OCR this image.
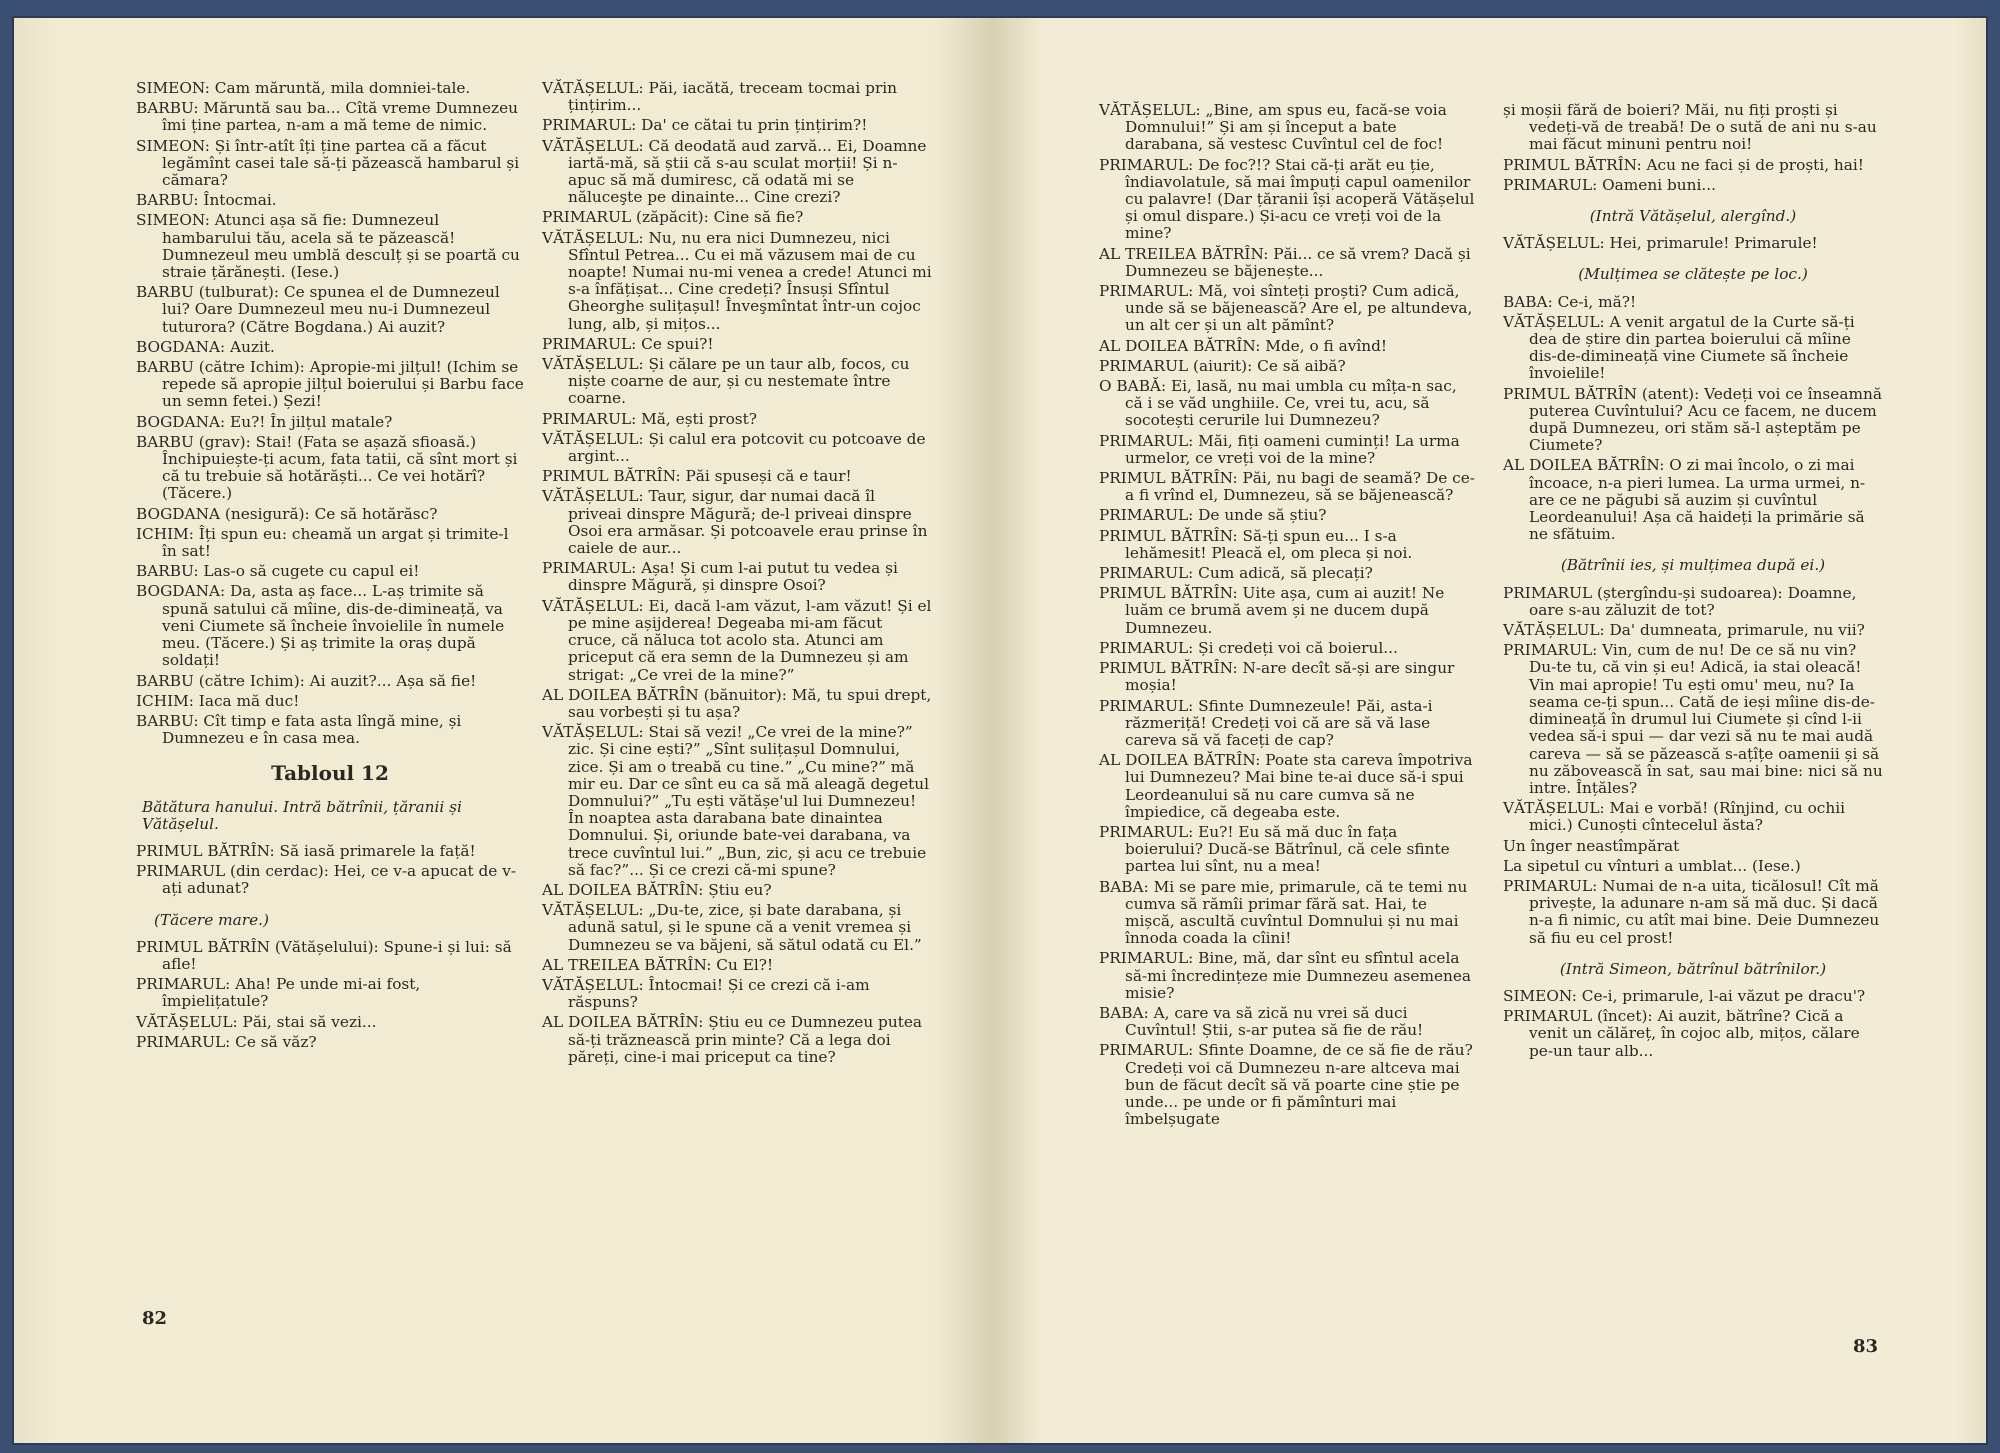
SIMEON: Cam măruntă, mila domniei-tale.

BARBU: Măruntă sau ba... Cîtă vreme Dumnezeu îmi ține partea, n-am a mă teme de nimic.

SIMEON: Și într-atît îți ține partea că a făcut legămînt casei tale să-ți păzească hambarul și cămara?

BARBU: Întocmai.

SIMEON: Atunci așa să fie: Dumnezeul hambarului tău, acela să te păzească! Dumnezeul meu umblă desculț și se poartă cu straie țărănești. (Iese.)

BARBU (tulburat): Ce spunea el de Dumnezeul lui? Oare Dumnezeul meu nu-i Dumnezeul tuturora? (Către Bogdana.) Ai auzit?

BOGDANA: Auzit.

BARBU (către Ichim): Apropie-mi jilțul! (Ichim se repede să apropie jilțul boierului și Barbu face un semn fetei.) Șezi!

BOGDANA: Eu?! În jilțul matale?

BARBU (grav): Stai! (Fata se așază sfioasă.) Închipuiește-ți acum, fata tatii, că sînt mort și că tu trebuie să hotărăști... Ce vei hotărî? (Tăcere.)

BOGDANA (nesigură): Ce să hotărăsc?

ICHIM: Îți spun eu: cheamă un argat și trimite-l în sat!

BARBU: Las-o să cugete cu capul ei!

BOGDANA: Da, asta aș face... L-aș trimite să spună satului că mîine, dis-de-dimineață, va veni Ciumete să încheie învoielile în numele meu. (Tăcere.) Și aș trimite la oraș după soldați!

BARBU (către Ichim): Ai auzit?... Așa să fie!

ICHIM: Iaca mă duc!

BARBU: Cît timp e fata asta lîngă mine, și Dumnezeu e în casa mea.

Tabloul 12

Bătătura hanului. Intră bătrînii, țăranii și Vătășelul.

PRIMUL BĂTRÎN: Să iasă primarele la față!

PRIMARUL (din cerdac): Hei, ce v-a apucat de v-ați adunat?

(Tăcere mare.)

PRIMUL BĂTRÎN (Vătășelului): Spune-i și lui: să afle!

PRIMARUL: Aha! Pe unde mi-ai fost, împielițatule?

VĂTĂȘELUL: Păi, stai să vezi...

PRIMARUL: Ce să văz?

VĂTĂȘELUL: Păi, iacătă, treceam tocmai prin țințirim...

PRIMARUL: Da' ce cătai tu prin țințirim?!

VĂTĂȘELUL: Că deodată aud zarvă... Ei, Doamne iartă-mă, să știi că s-au sculat morții! Și n-apuc să mă dumiresc, că odată mi se năluceşte pe dinainte... Cine crezi?

PRIMARUL (zăpăcit): Cine să fie?

VĂTĂȘELUL: Nu, nu era nici Dumnezeu, nici Sfîntul Petrea... Cu ei mă văzusem mai de cu noapte! Numai nu-mi venea a crede! Atunci mi s-a înfățișat... Cine credeți? Însuși Sfîntul Gheorghe sulițașul! Înveşmîntat într-un cojoc lung, alb, și mițos...

PRIMARUL: Ce spui?!

VĂTĂȘELUL: Și călare pe un taur alb, focos, cu niște coarne de aur, și cu nestemate între coarne.

PRIMARUL: Mă, ești prost?

VĂTĂȘELUL: Și calul era potcovit cu potcoave de argint...

PRIMUL BĂTRÎN: Păi spuseși că e taur!

VĂTĂȘELUL: Taur, sigur, dar numai dacă îl priveai dinspre Măgură; de-l priveai dinspre Osoi era armăsar. Și potcoavele erau prinse în caiele de aur...

PRIMARUL: Așa! Și cum l-ai putut tu vedea și dinspre Măgură, și dinspre Osoi?

VĂTĂȘELUL: Ei, dacă l-am văzut, l-am văzut! Și el pe mine așijderea! Degeaba mi-am făcut cruce, că năluca tot acolo sta. Atunci am priceput că era semn de la Dumnezeu și am strigat: „Ce vrei de la mine?”

AL DOILEA BĂTRÎN (bănuitor): Mă, tu spui drept, sau vorbești și tu așa?

VĂTĂȘELUL: Stai să vezi! „Ce vrei de la mine?” zic. Și cine ești?” „Sînt sulițașul Domnului, zice. Și am o treabă cu tine.” „Cu mine?” mă mir eu. Dar ce sînt eu ca să mă aleagă degetul Domnului?” „Tu ești vătășe'ul lui Dumnezeu! În noaptea asta darabana bate dinaintea Domnului. Și, oriunde bate-vei darabana, va trece cuvîntul lui.” „Bun, zic, și acu ce trebuie să fac?”... Și ce crezi că-mi spune?

AL DOILEA BĂTRÎN: Știu eu?

VĂTĂȘELUL: „Du-te, zice, și bate darabana, și adună satul, și le spune că a venit vremea și Dumnezeu se va băjeni, să sătul odată cu El.”

AL TREILEA BĂTRÎN: Cu El?!

VĂTĂȘELUL: Întocmai! Și ce crezi că i-am răspuns?

AL DOILEA BĂTRÎN: Știu eu ce Dumnezeu putea să-ți trăznească prin minte? Că a lega doi păreți, cine-i mai priceput ca tine?

82

VĂTĂȘELUL: „Bine, am spus eu, facă-se voia Domnului!” Și am și început a bate darabana, să vestesc Cuvîntul cel de foc!

PRIMARUL: De foc?!? Stai că-ți arăt eu ție, îndiavolatule, să mai împuți capul oamenilor cu palavre! (Dar țăranii își acoperă Vătășelul și omul dispare.) Și-acu ce vreți voi de la mine?

AL TREILEA BĂTRÎN: Păi... ce să vrem? Dacă și Dumnezeu se băjenește...

PRIMARUL: Mă, voi sînteți proști? Cum adică, unde să se băjenească? Are el, pe altundeva, un alt cer și un alt pămînt?

AL DOILEA BĂTRÎN: Mde, o fi avînd!

PRIMARUL (aiurit): Ce să aibă?

O BABĂ: Ei, lasă, nu mai umbla cu mîța-n sac, că i se văd unghiile. Ce, vrei tu, acu, să socotești cerurile lui Dumnezeu?

PRIMARUL: Măi, fiți oameni cuminți! La urma urmelor, ce vreți voi de la mine?

PRIMUL BĂTRÎN: Păi, nu bagi de seamă? De ce-a fi vrînd el, Dumnezeu, să se băjenească?

PRIMARUL: De unde să știu?

PRIMUL BĂTRÎN: Să-ți spun eu... I s-a lehămesit! Pleacă el, om pleca și noi.

PRIMARUL: Cum adică, să plecați?

PRIMUL BĂTRÎN: Uite așa, cum ai auzit! Ne luăm ce brumă avem și ne ducem după Dumnezeu.

PRIMARUL: Și credeți voi că boierul...

PRIMUL BĂTRÎN: N-are decît să-și are singur moșia!

PRIMARUL: Sfinte Dumnezeule! Păi, asta-i răzmeriță! Credeți voi că are să vă lase careva să vă faceți de cap?

AL DOILEA BĂTRÎN: Poate sta careva împotriva lui Dumnezeu? Mai bine te-ai duce să-i spui Leordeanului să nu care cumva să ne împiedice, că degeaba este.

PRIMARUL: Eu?! Eu să mă duc în fața boierului? Ducă-se Bătrînul, că cele sfinte partea lui sînt, nu a mea!

BABA: Mi se pare mie, primarule, că te temi nu cumva să rămîi primar fără sat. Hai, te mișcă, ascultă cuvîntul Domnului și nu mai înnoda coada la cîini!

PRIMARUL: Bine, mă, dar sînt eu sfîntul acela să-mi încredințeze mie Dumnezeu asemenea misie?

BABA: A, care va să zică nu vrei să duci Cuvîntul! Știi, s-ar putea să fie de rău!

PRIMARUL: Sfinte Doamne, de ce să fie de rău? Credeți voi că Dumnezeu n-are altceva mai bun de făcut decît să vă poarte cine știe pe unde... pe unde or fi pămînturi mai îmbelșugate

și moșii fără de boieri? Măi, nu fiți proști și vedeți-vă de treabă! De o sută de ani nu s-au mai făcut minuni pentru noi!

PRIMUL BĂTRÎN: Acu ne faci și de proști, hai!

PRIMARUL: Oameni buni...

(Intră Vătășelul, alergînd.)

VĂTĂȘELUL: Hei, primarule! Primarule!

(Mulțimea se clătește pe loc.)

BABA: Ce-i, mă?!

VĂTĂȘELUL: A venit argatul de la Curte să-ți dea de știre din partea boierului că mîine dis-de-dimineață vine Ciumete să încheie învoielile!

PRIMUL BĂTRÎN (atent): Vedeți voi ce înseamnă puterea Cuvîntului? Acu ce facem, ne ducem după Dumnezeu, ori stăm să-l așteptăm pe Ciumete?

AL DOILEA BĂTRÎN: O zi mai încolo, o zi mai încoace, n-a pieri lumea. La urma urmei, n-are ce ne păgubi să auzim și cuvîntul Leordeanului! Așa că haideți la primărie să ne sfătuim.

(Bătrînii ies, și mulțimea după ei.)

PRIMARUL (ștergîndu-și sudoarea): Doamne, oare s-au zăluzit de tot?

VĂTĂȘELUL: Da' dumneata, primarule, nu vii?

PRIMARUL: Vin, cum de nu! De ce să nu vin? Du-te tu, că vin și eu! Adică, ia stai oleacă! Vin mai apropie! Tu ești omu' meu, nu? Ia seama ce-ți spun... Cată de ieși mîine dis-de-dimineață în drumul lui Ciumete și cînd l-ii vedea să-i spui — dar vezi să nu te mai audă careva — să se păzească s-ațîțe oamenii și să nu zăbovească în sat, sau mai bine: nici să nu intre. Înțăles?

VĂTĂȘELUL: Mai e vorbă! (Rînjind, cu ochii mici.) Cunoști cîntecelul ăsta?

Un înger neastîmpărat

La sipetul cu vînturi a umblat... (Iese.)

PRIMARUL: Numai de n-a uita, ticălosul! Cît mă privește, la adunare n-am să mă duc. Și dacă n-a fi nimic, cu atît mai bine. Deie Dumnezeu să fiu eu cel prost!

(Intră Simeon, bătrînul bătrînilor.)

SIMEON: Ce-i, primarule, l-ai văzut pe dracu'?

PRIMARUL (încet): Ai auzit, bătrîne? Cică a venit un călăreț, în cojoc alb, mițos, călare pe-un taur alb...

83
